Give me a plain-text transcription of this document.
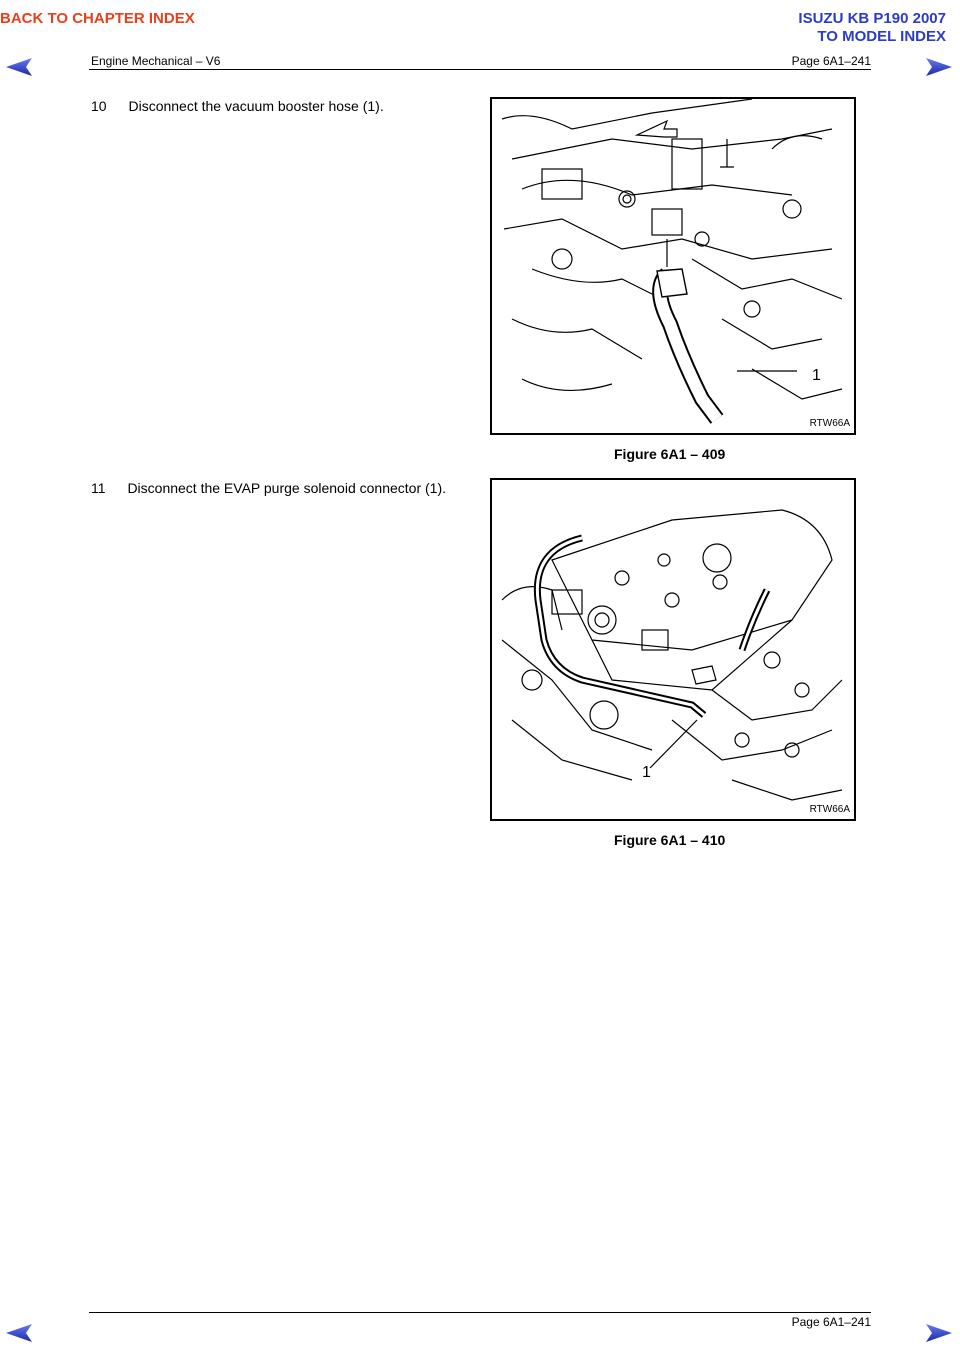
BACK TO CHAPTER INDEX	ISUZU KB P190 2007
TO MODEL INDEX
Engine Mechanical – V6	Page 6A1–241
10 Disconnect the vacuum booster hose (1).
1
RTW66A
Figure 6A1 – 409
11 Disconnect the EVAP purge solenoid connector (1).
1
RTW66A
Figure 6A1 – 410
Page 6A1–241
